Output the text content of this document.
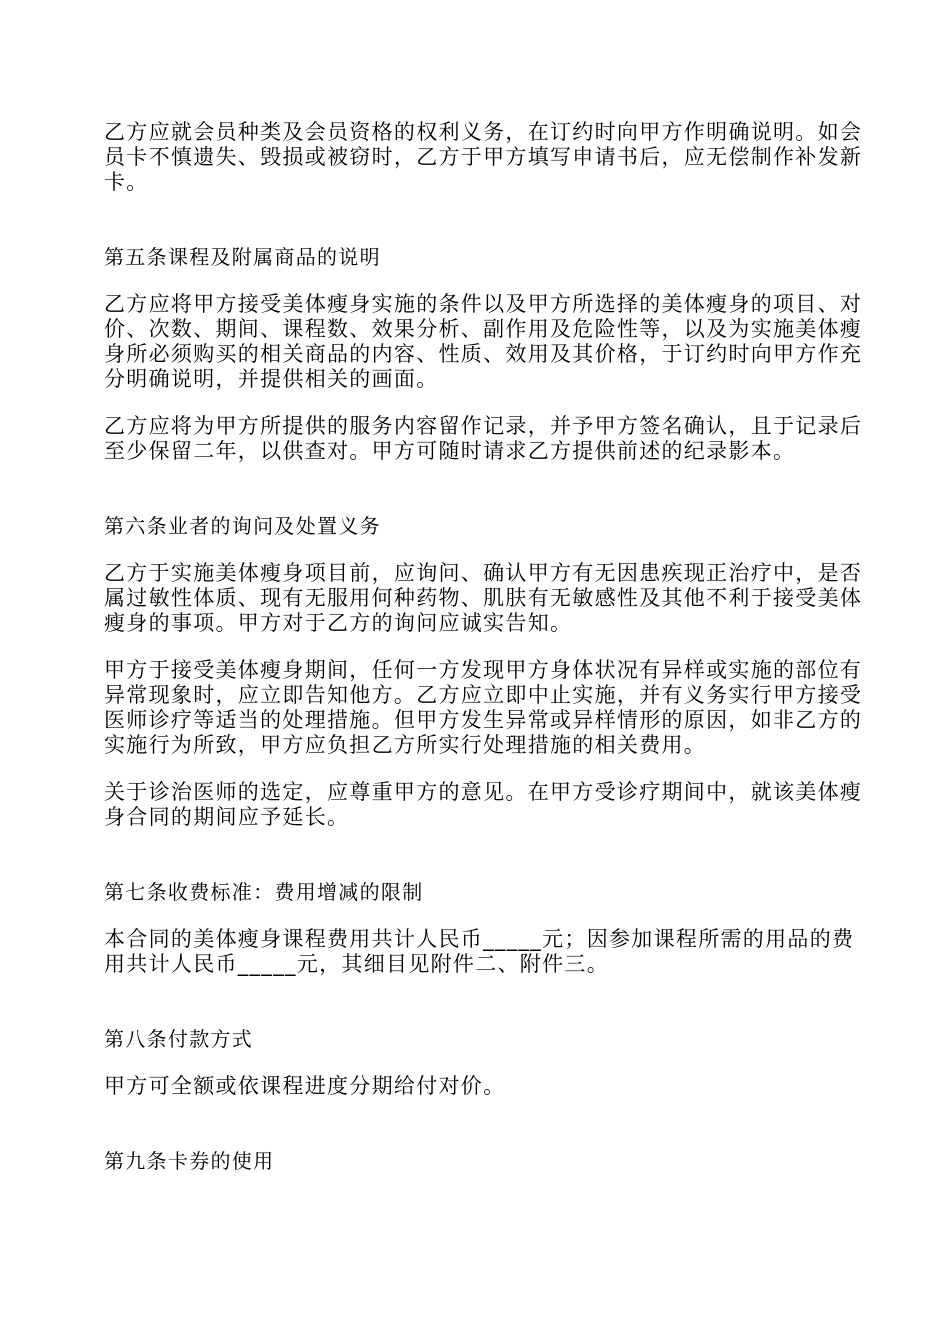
乙方应就会员种类及会员资格的权利义务，在订约时向甲方作明确说明。如会员卡不慎遗失、毁损或被窃时，乙方于甲方填写申请书后，应无偿制作补发新卡。

第五条课程及附属商品的说明

乙方应将甲方接受美体瘦身实施的条件以及甲方所选择的美体瘦身的项目、对价、次数、期间、课程数、效果分析、副作用及危险性等，以及为实施美体瘦身所必须购买的相关商品的内容、性质、效用及其价格，于订约时向甲方作充分明确说明，并提供相关的画面。

乙方应将为甲方所提供的服务内容留作记录，并予甲方签名确认，且于记录后至少保留二年，以供查对。甲方可随时请求乙方提供前述的纪录影本。

第六条业者的询问及处置义务

乙方于实施美体瘦身项目前，应询问、确认甲方有无因患疾现正治疗中，是否属过敏性体质、现有无服用何种药物、肌肤有无敏感性及其他不利于接受美体瘦身的事项。甲方对于乙方的询问应诚实告知。

甲方于接受美体瘦身期间，任何一方发现甲方身体状况有异样或实施的部位有异常现象时，应立即告知他方。乙方应立即中止实施，并有义务实行甲方接受医师诊疗等适当的处理措施。但甲方发生异常或异样情形的原因，如非乙方的实施行为所致，甲方应负担乙方所实行处理措施的相关费用。

关于诊治医师的选定，应尊重甲方的意见。在甲方受诊疗期间中，就该美体瘦身合同的期间应予延长。

第七条收费标准：费用增减的限制

本合同的美体瘦身课程费用共计人民币_____元；因参加课程所需的用品的费用共计人民币_____元，其细目见附件二、附件三。

第八条付款方式

甲方可全额或依课程进度分期给付对价。

第九条卡券的使用
